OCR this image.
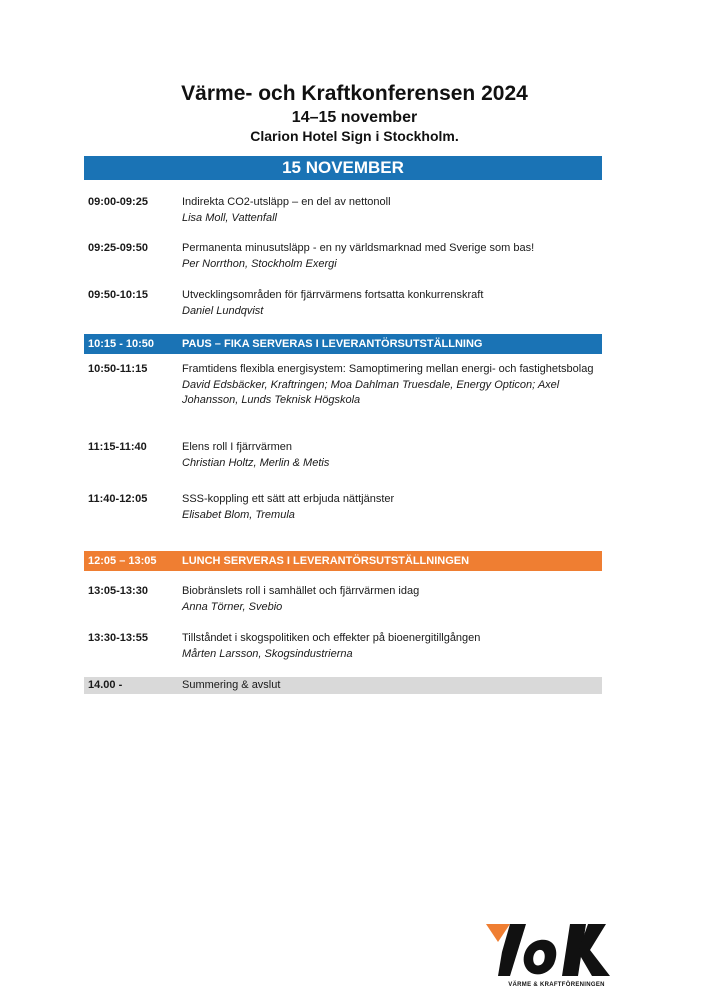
Värme- och Kraftkonferensen 2024
14–15 november
Clarion Hotel Sign i Stockholm.
15 NOVEMBER
09:00-09:25	Indirekta CO2-utsläpp – en del av nettonoll
Lisa Moll, Vattenfall
09:25-09:50	Permanenta minusutsläpp - en ny världsmarknad med Sverige som bas!
Per Norrthon, Stockholm Exergi
09:50-10:15	Utvecklingsområden för fjärrvärmens fortsatta konkurrenskraft
Daniel Lundqvist
10:15 - 10:50	PAUS – FIKA SERVERAS I LEVERANTÖRSUTSTÄLLNING
10:50-11:15	Framtidens flexibla energisystem: Samoptimering mellan energi- och fastighetsbolag
David Edsbäcker, Kraftringen; Moa Dahlman Truesdale, Energy Opticon; Axel Johansson, Lunds Teknisk Högskola
11:15-11:40	Elens roll I fjärrvärmen
Christian Holtz, Merlin & Metis
11:40-12:05	SSS-koppling ett sätt att erbjuda nättjänster
Elisabet Blom, Tremula
12:05 – 13:05 LUNCH SERVERAS I LEVERANTÖRSUTSTÄLLNINGEN
13:05-13:30	Biobränslets roll i samhället och fjärrvärmen idag
Anna Törner, Svebio
13:30-13:55	Tillståndet i skogspolitiken och effekter på bioenergitillgången
Mårten Larsson, Skogsindustrierna
14.00 -	Summering & avslut
VÄRME & KRAFTFÖRENINGEN
